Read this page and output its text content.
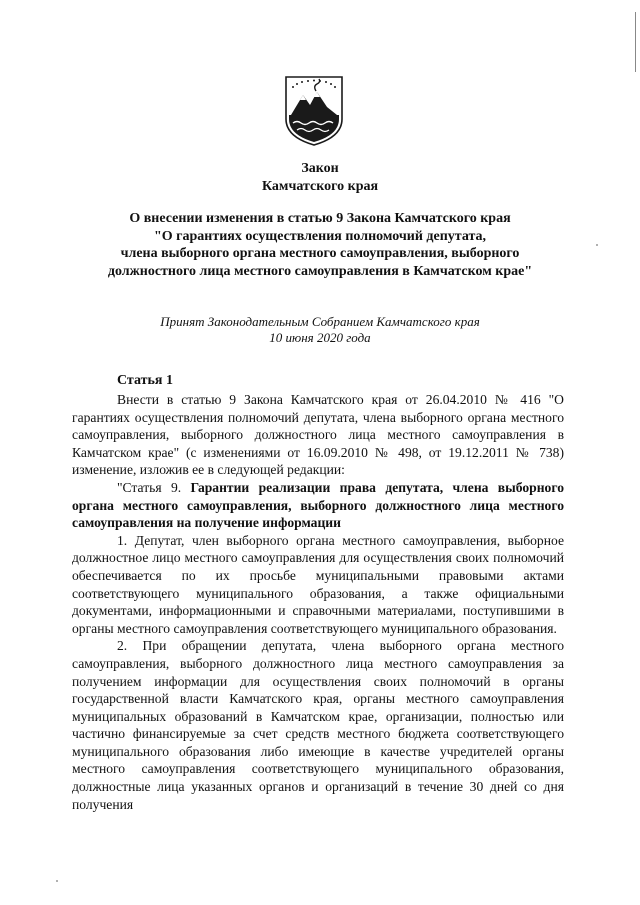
Закон
Камчатского края
О внесении изменения в статью 9 Закона Камчатского края
"О гарантиях осуществления полномочий депутата,
члена выборного органа местного самоуправления, выборного
должностного лица местного самоуправления в Камчатском крае"
Принят Законодательным Собранием Камчатского края
10 июня 2020 года
Статья 1

Внести в статью 9 Закона Камчатского края от 26.04.2010 № 416 "О гарантиях осуществления полномочий депутата, члена выборного органа местного самоуправления, выборного должностного лица местного самоуправления в Камчатском крае" (с изменениями от 16.09.2010 № 498, от 19.12.2011 № 738) изменение, изложив ее в следующей редакции:

"Статья 9. Гарантии реализации права депутата, члена выборного органа местного самоуправления, выборного должностного лица местного самоуправления на получение информации

1. Депутат, член выборного органа местного самоуправления, выборное должностное лицо местного самоуправления для осуществления своих полномочий обеспечивается по их просьбе муниципальными правовыми актами соответствующего муниципального образования, а также официальными документами, информационными и справочными материалами, поступившими в органы местного самоуправления соответствующего муниципального образования.

2. При обращении депутата, члена выборного органа местного самоуправления, выборного должностного лица местного самоуправления за получением информации для осуществления своих полномочий в органы государственной власти Камчатского края, органы местного самоуправления муниципальных образований в Камчатском крае, организации, полностью или частично финансируемые за счет средств местного бюджета соответствующего муниципального образования либо имеющие в качестве учредителей органы местного самоуправления соответствующего муниципального образования, должностные лица указанных органов и организаций в течение 30 дней со дня получения
